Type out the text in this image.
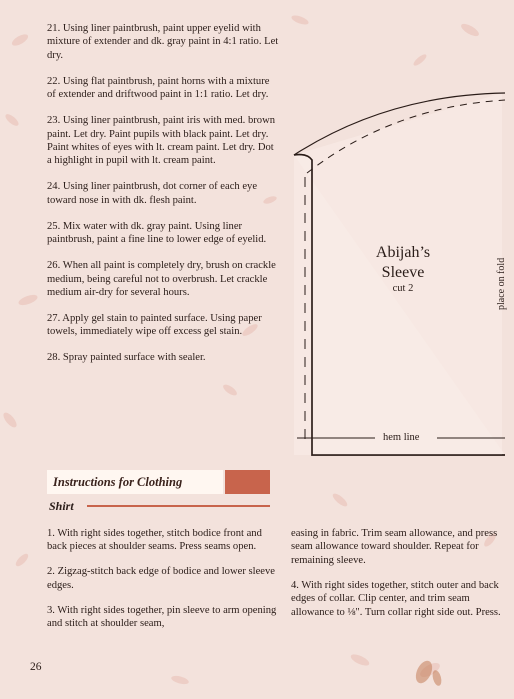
21. Using liner paintbrush, paint upper eyelid with mixture of extender and dk. gray paint in 4:1 ratio. Let dry.

22. Using flat paintbrush, paint horns with a mixture of extender and driftwood paint in 1:1 ratio. Let dry.

23. Using liner paintbrush, paint iris with med. brown paint. Let dry. Paint pupils with black paint. Let dry. Paint whites of eyes with lt. cream paint. Let dry. Dot a highlight in pupil with lt. cream paint.

24. Using liner paintbrush, dot corner of each eye toward nose in with dk. flesh paint.

25. Mix water with dk. gray paint. Using liner paintbrush, paint a fine line to lower edge of eyelid.

26. When all paint is completely dry, brush on crackle medium, being careful not to overbrush. Let crackle medium air-dry for several hours.

27. Apply gel stain to painted surface. Using paper towels, immediately wipe off excess gel stain.

28. Spray painted surface with sealer.

Instructions for Clothing
Shirt

1. With right sides together, stitch bodice front and back pieces at shoulder seams. Press seams open.

2. Zigzag-stitch back edge of bodice and lower sleeve edges.

3. With right sides together, pin sleeve to arm opening and stitch at shoulder seam,

easing in fabric. Trim seam allowance, and press seam allowance toward shoulder. Repeat for remaining sleeve.

4. With right sides together, stitch outer and back edges of collar. Clip center, and trim seam allowance to ⅛". Turn collar right side out. Press.

Abijah’s
Sleeve
cut 2	place on fold
hem line
26
